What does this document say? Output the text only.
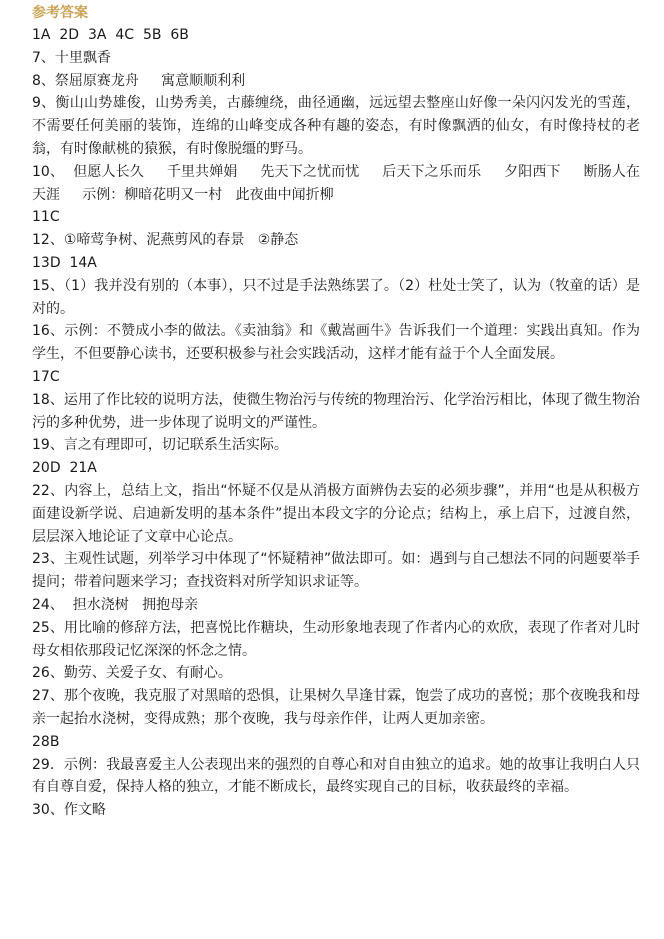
参考答案
1A  2D  3A  4C  5B  6B
7、十里飘香
8、祭屈原赛龙舟     寓意顺顺利利
9、衡山山势雄俊，山势秀美，古藤缠绕，曲径通幽，远远望去整座山好像一朵闪闪发光的雪莲，不需要任何美丽的装饰，连绵的山峰变成各种有趣的姿态，有时像飘洒的仙女，有时像持杖的老翁，有时像献桃的猿猴，有时像脱缰的野马。
10、  但愿人长久     千里共婵娟     先天下之忧而忧     后天下之乐而乐     夕阳西下     断肠人在天涯     示例：柳暗花明又一村   此夜曲中闻折柳
11C
12、①啼莺争树、泥燕剪风的春景   ②静态
13D  14A
15、（1）我并没有别的（本事），只不过是手法熟练罢了。（2）杜处士笑了，认为（牧童的话）是对的。
16、示例：不赞成小李的做法。《卖油翁》和《戴嵩画牛》告诉我们一个道理：实践出真知。作为学生，不但要静心读书，还要积极参与社会实践活动，这样才能有益于个人全面发展。
17C
18、运用了作比较的说明方法，使微生物治污与传统的物理治污、化学治污相比，体现了微生物治污的多种优势，进一步体现了说明文的严谨性。
19、言之有理即可，切记联系生活实际。
20D  21A
22、内容上，总结上文，指出“怀疑不仅是从消极方面辨伪去妄的必须步骤”，并用“也是从积极方面建设新学说、启迪新发明的基本条件”提出本段文字的分论点；结构上，承上启下，过渡自然，层层深入地论证了文章中心论点。
23、主观性试题，列举学习中体现了“怀疑精神”做法即可。如：遇到与自己想法不同的问题要举手提问；带着问题来学习；查找资料对所学知识求证等。
24、  担水浇树   拥抱母亲
25、用比喻的修辞方法，把喜悦比作糖块，生动形象地表现了作者内心的欢欣，表现了作者对儿时母女相依那段记忆深深的怀念之情。
26、勤劳、关爱子女、有耐心。
27、那个夜晚，我克服了对黑暗的恐惧，让果树久旱逢甘霖，饱尝了成功的喜悦；那个夜晚我和母亲一起抬水浇树，变得成熟；那个夜晚，我与母亲作伴，让两人更加亲密。
28B
29．示例：我最喜爱主人公表现出来的强烈的自尊心和对自由独立的追求。她的故事让我明白人只有自尊自爱，保持人格的独立，才能不断成长，最终实现自己的目标，收获最终的幸福。
30、作文略
